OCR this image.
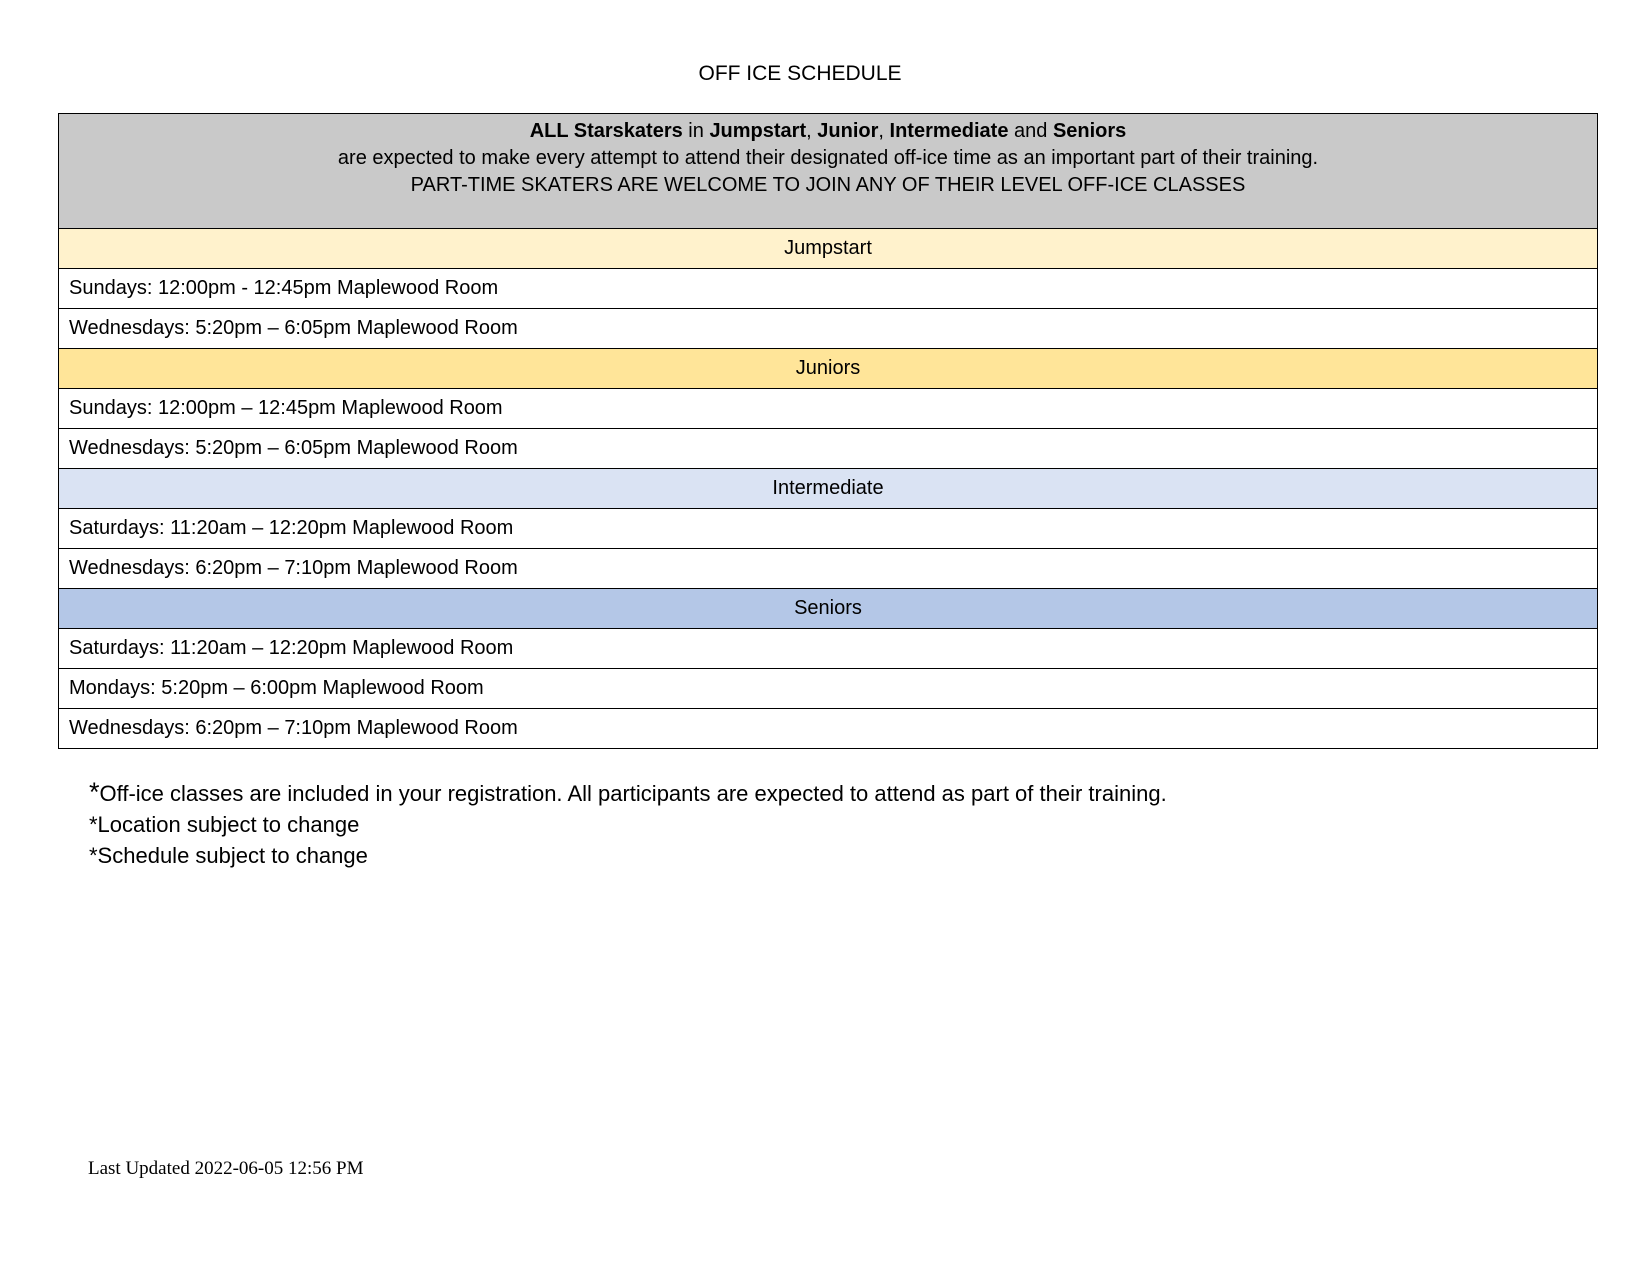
OFF ICE SCHEDULE
ALL Starskaters in Jumpstart, Junior, Intermediate and Seniors
are expected to make every attempt to attend their designated off-ice time as an important part of their training.
PART-TIME SKATERS ARE WELCOME TO JOIN ANY OF THEIR LEVEL OFF-ICE CLASSES

Jumpstart
Sundays: 12:00pm - 12:45pm Maplewood Room
Wednesdays: 5:20pm – 6:05pm Maplewood Room
Juniors
Sundays: 12:00pm – 12:45pm Maplewood Room
Wednesdays: 5:20pm – 6:05pm Maplewood Room
Intermediate
Saturdays: 11:20am – 12:20pm Maplewood Room
Wednesdays: 6:20pm – 7:10pm Maplewood Room
Seniors
Saturdays: 11:20am – 12:20pm Maplewood Room
Mondays: 5:20pm – 6:00pm Maplewood Room
Wednesdays: 6:20pm – 7:10pm Maplewood Room
*Off-ice classes are included in your registration. All participants are expected to attend as part of their training.
*Location subject to change
*Schedule subject to change
Last Updated 2022-06-05 12:56 PM
